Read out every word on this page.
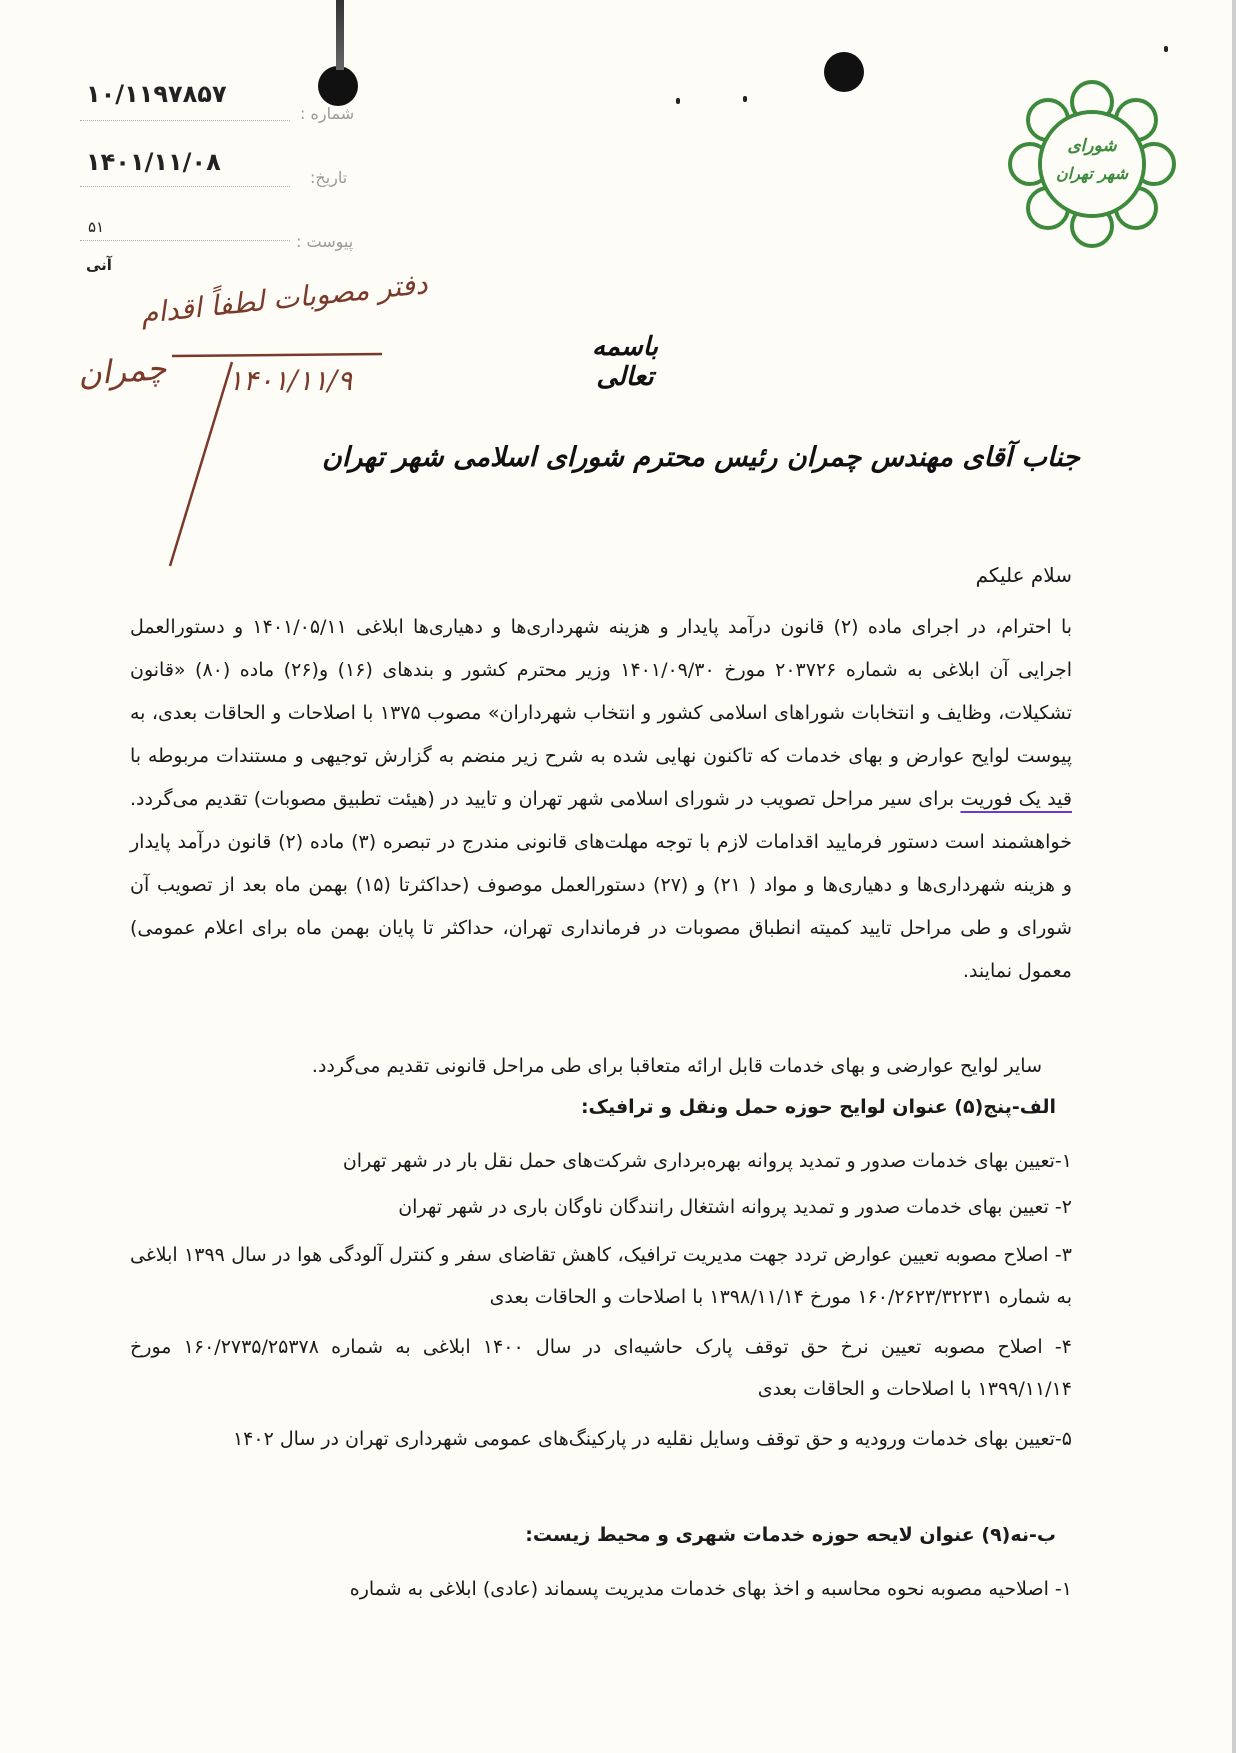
۱۰/۱۱۹۷۸۵۷
شماره :
۱۴۰۱/۱۱/۰۸
تاریخ:
۵۱
پیوست :
آنی
شورای
شهر تهران
دفتر مصوبات لطفاً اقدام
چمران ۱۴۰۱/۱۱/۹
باسمه تعالی
جناب آقای مهندس چمران رئیس محترم شورای اسلامی شهر تهران
سلام علیکم
با احترام، در اجرای ماده (۲) قانون درآمد پایدار و هزینه شهرداری‌ها و دهیاری‌ها ابلاغی ۱۴۰۱/۰۵/۱۱ و دستورالعمل اجرایی آن ابلاغی به شماره ۲۰۳۷۲۶ مورخ ۱۴۰۱/۰۹/۳۰ وزیر محترم کشور و بندهای (۱۶) و(۲۶) ماده (۸۰) «قانون تشکیلات، وظایف و انتخابات شوراهای اسلامی کشور و انتخاب شهرداران» مصوب ۱۳۷۵ با اصلاحات و الحاقات بعدی، به پیوست لوایح عوارض و بهای خدمات که تاکنون نهایی شده به شرح زیر منضم به گزارش توجیهی و مستندات مربوطه با قید یک فوریت برای سیر مراحل تصویب در شورای اسلامی شهر تهران و تایید در (هیئت تطبیق مصوبات) تقدیم می‌گردد. خواهشمند است دستور فرمایید اقدامات لازم با توجه مهلت‌های قانونی مندرج در تبصره (۳) ماده (۲) قانون درآمد پایدار و هزینه شهرداری‌ها و دهیاری‌ها و مواد ( ۲۱) و (۲۷) دستورالعمل موصوف (حداکثرتا (۱۵) بهمن ماه بعد از تصویب آن شورای و طی مراحل تایید کمیته انطباق مصوبات در فرمانداری تهران، حداکثر تا پایان بهمن ماه برای اعلام عمومی) معمول نمایند.
سایر لوایح عوارضی و بهای خدمات قابل ارائه متعاقبا برای طی مراحل قانونی تقدیم می‌گردد.
الف-پنج(۵) عنوان لوایح حوزه حمل ونقل و ترافیک:
۱-تعیین بهای خدمات صدور و تمدید پروانه بهره‌برداری شرکت‌های حمل نقل بار در شهر تهران
۲- تعیین بهای خدمات صدور و تمدید پروانه اشتغال رانندگان ناوگان باری در شهر تهران
۳- اصلاح مصوبه تعیین عوارض تردد جهت مدیریت ترافیک، کاهش تقاضای سفر و کنترل آلودگی هوا در سال ۱۳۹۹ ابلاغی به شماره ۱۶۰/۲۶۲۳/۳۲۲۳۱ مورخ ۱۳۹۸/۱۱/۱۴ با اصلاحات و الحاقات بعدی
۴- اصلاح مصوبه تعیین نرخ حق توقف پارک حاشیه‌ای در سال ۱۴۰۰ ابلاغی به شماره ۱۶۰/۲۷۳۵/۲۵۳۷۸ مورخ ۱۳۹۹/۱۱/۱۴ با اصلاحات و الحاقات بعدی
۵-تعیین بهای خدمات ورودیه و حق توقف وسایل نقلیه در پارکینگ‌های عمومی شهرداری تهران در سال ۱۴۰۲
ب-نه(۹) عنوان لایحه حوزه خدمات شهری و محیط زیست:
۱- اصلاحیه مصوبه نحوه محاسبه و اخذ بهای خدمات مدیریت پسماند (عادی) ابلاغی به شماره
